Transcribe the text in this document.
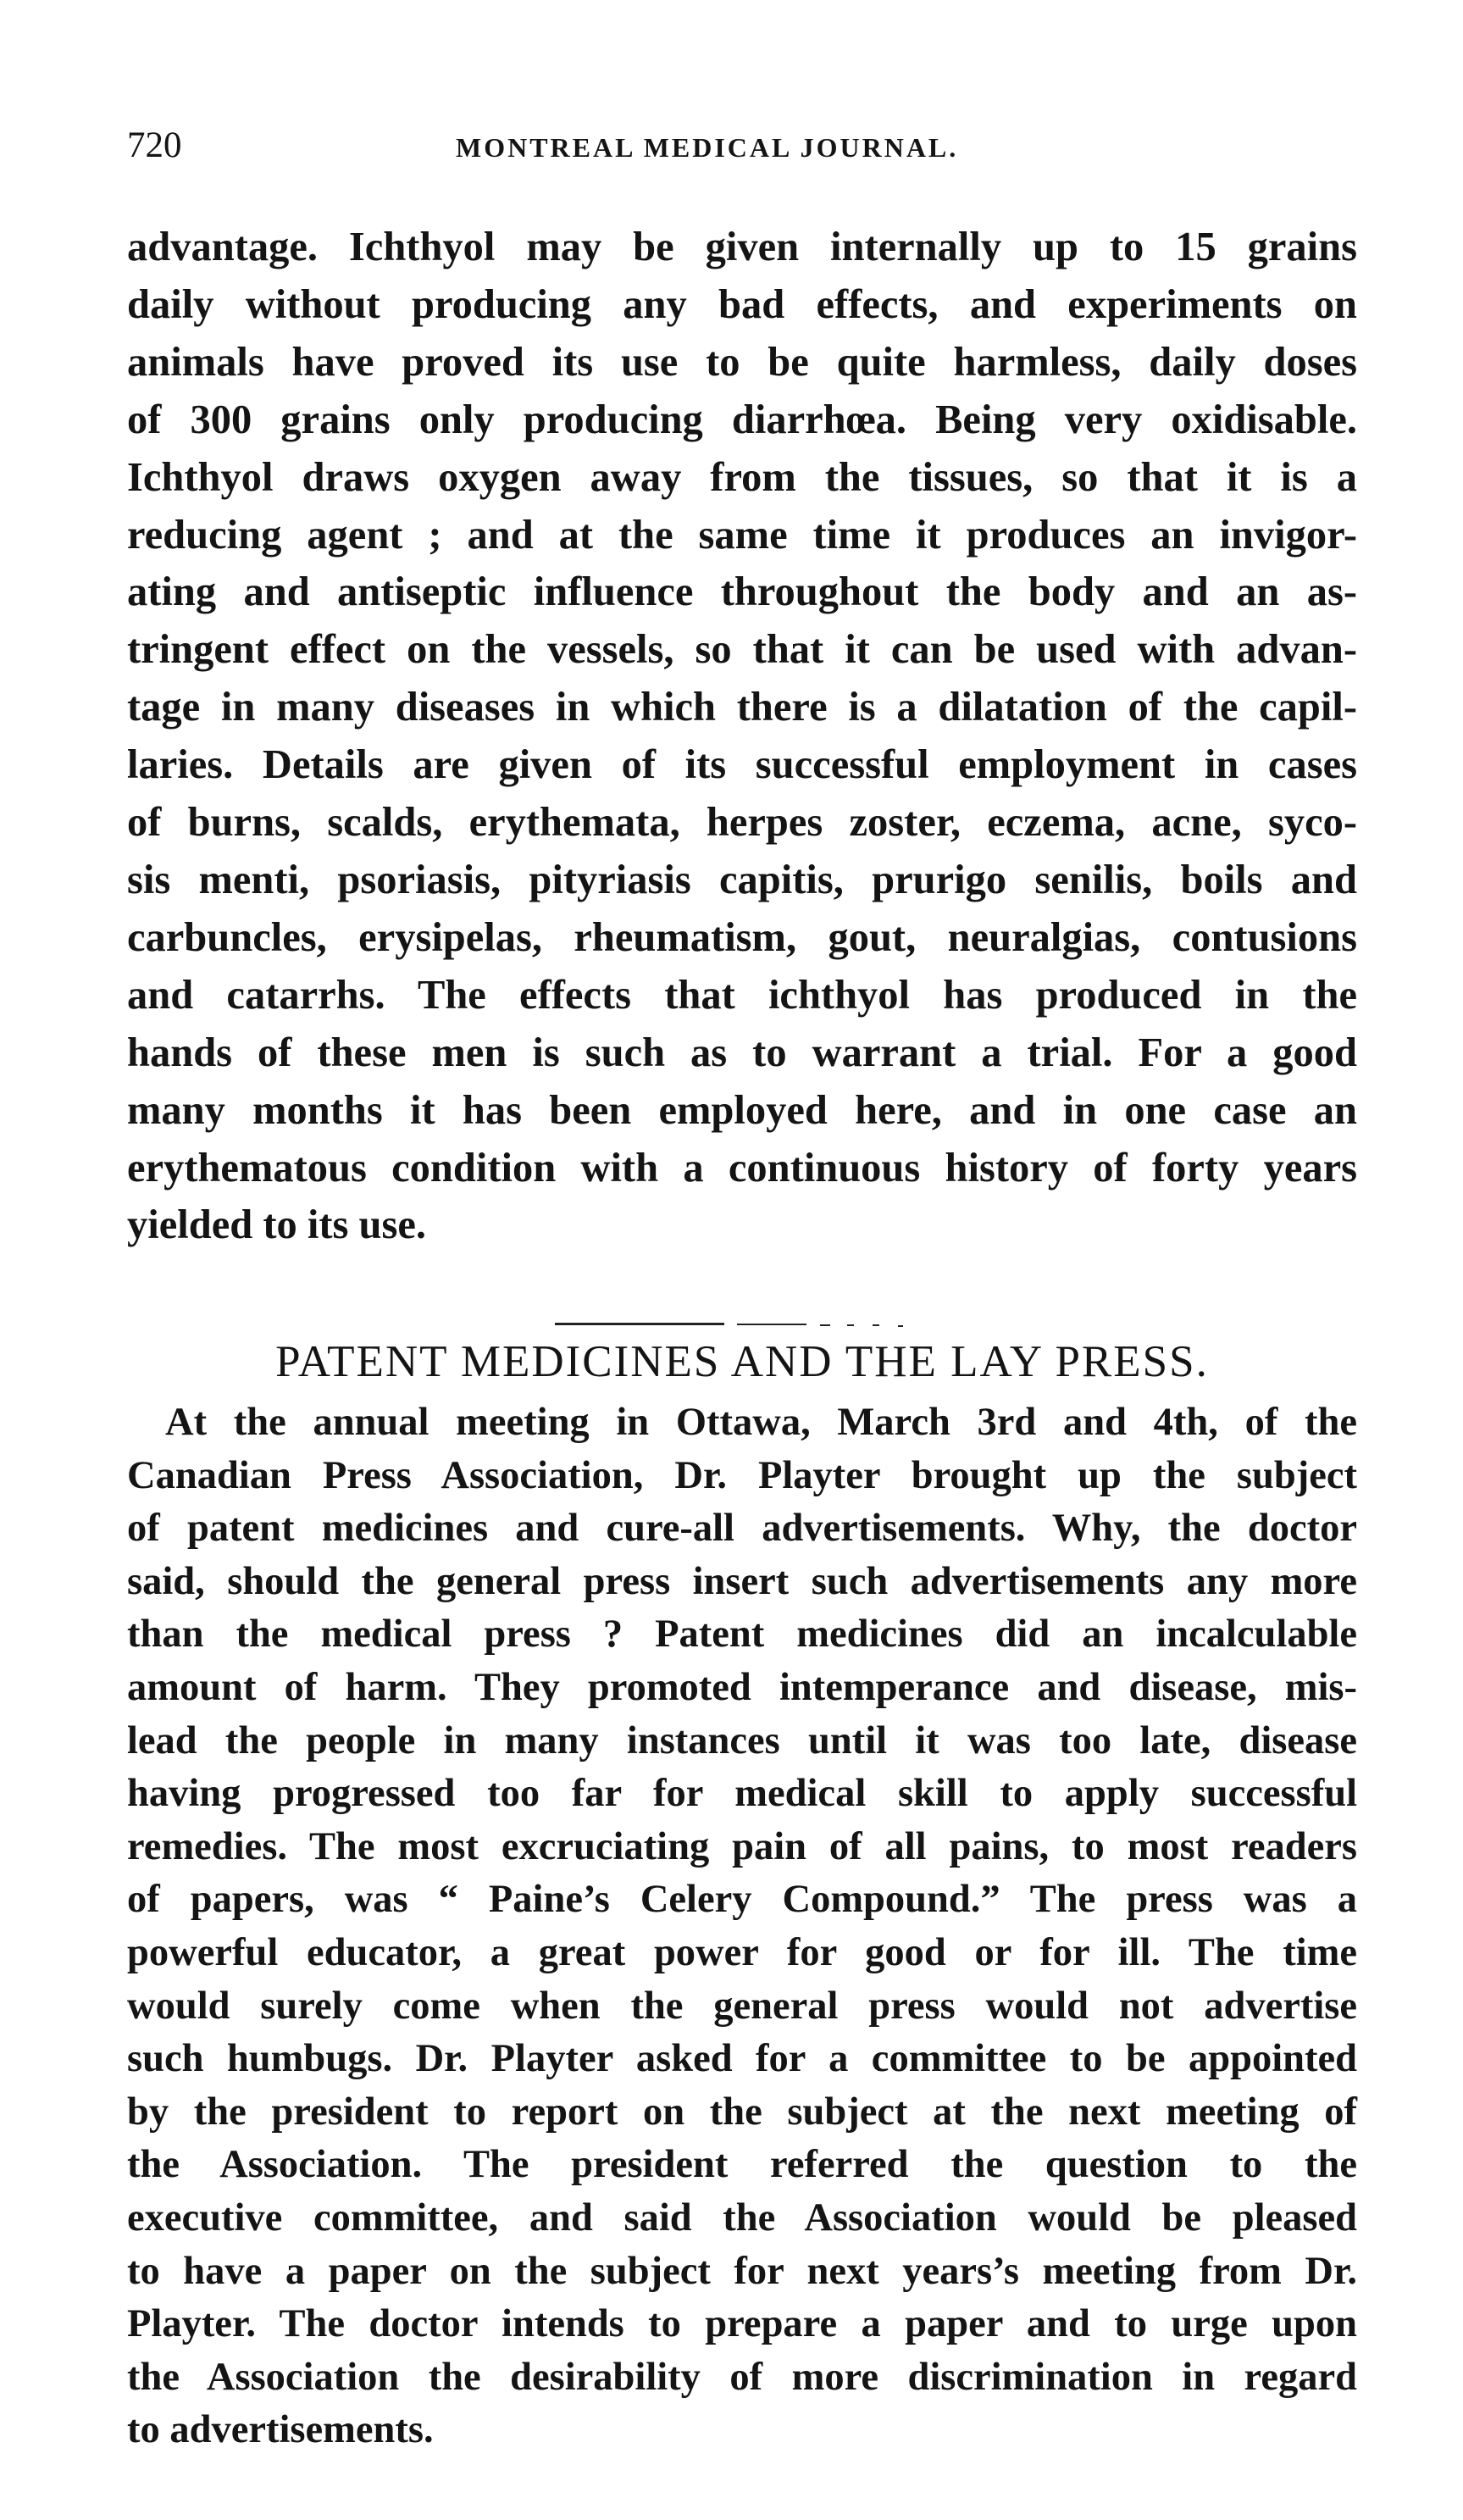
720	MONTREAL MEDICAL JOURNAL.

advantage. Ichthyol may be given internally up to 15 grains
daily without producing any bad effects, and experiments on
animals have proved its use to be quite harmless, daily doses
of 300 grains only producing diarrhœa. Being very oxidisable.
Ichthyol draws oxygen away from the tissues, so that it is a
reducing agent ; and at the same time it produces an invigor-
ating and antiseptic influence throughout the body and an as-
tringent effect on the vessels, so that it can be used with advan-
tage in many diseases in which there is a dilatation of the capil-
laries. Details are given of its successful employment in cases
of burns, scalds, erythemata, herpes zoster, eczema, acne, syco-
sis menti, psoriasis, pityriasis capitis, prurigo senilis, boils and
carbuncles, erysipelas, rheumatism, gout, neuralgias, contusions
and catarrhs. The effects that ichthyol has produced in the
hands of these men is such as to warrant a trial. For a good
many months it has been employed here, and in one case an
erythematous condition with a continuous history of forty years
yielded to its use.

PATENT MEDICINES AND THE LAY PRESS.

At the annual meeting in Ottawa, March 3rd and 4th, of the
Canadian Press Association, Dr. Playter brought up the subject
of patent medicines and cure-all advertisements. Why, the doctor
said, should the general press insert such advertisements any more
than the medical press ? Patent medicines did an incalculable
amount of harm. They promoted intemperance and disease, mis-
lead the people in many instances until it was too late, disease
having progressed too far for medical skill to apply successful
remedies. The most excruciating pain of all pains, to most readers
of papers, was “ Paine’s Celery Compound.” The press was a
powerful educator, a great power for good or for ill. The time
would surely come when the general press would not advertise
such humbugs. Dr. Playter asked for a committee to be appointed
by the president to report on the subject at the next meeting of
the Association. The president referred the question to the
executive committee, and said the Association would be pleased
to have a paper on the subject for next years’s meeting from Dr.
Playter. The doctor intends to prepare a paper and to urge upon
the Association the desirability of more discrimination in regard
to advertisements.
